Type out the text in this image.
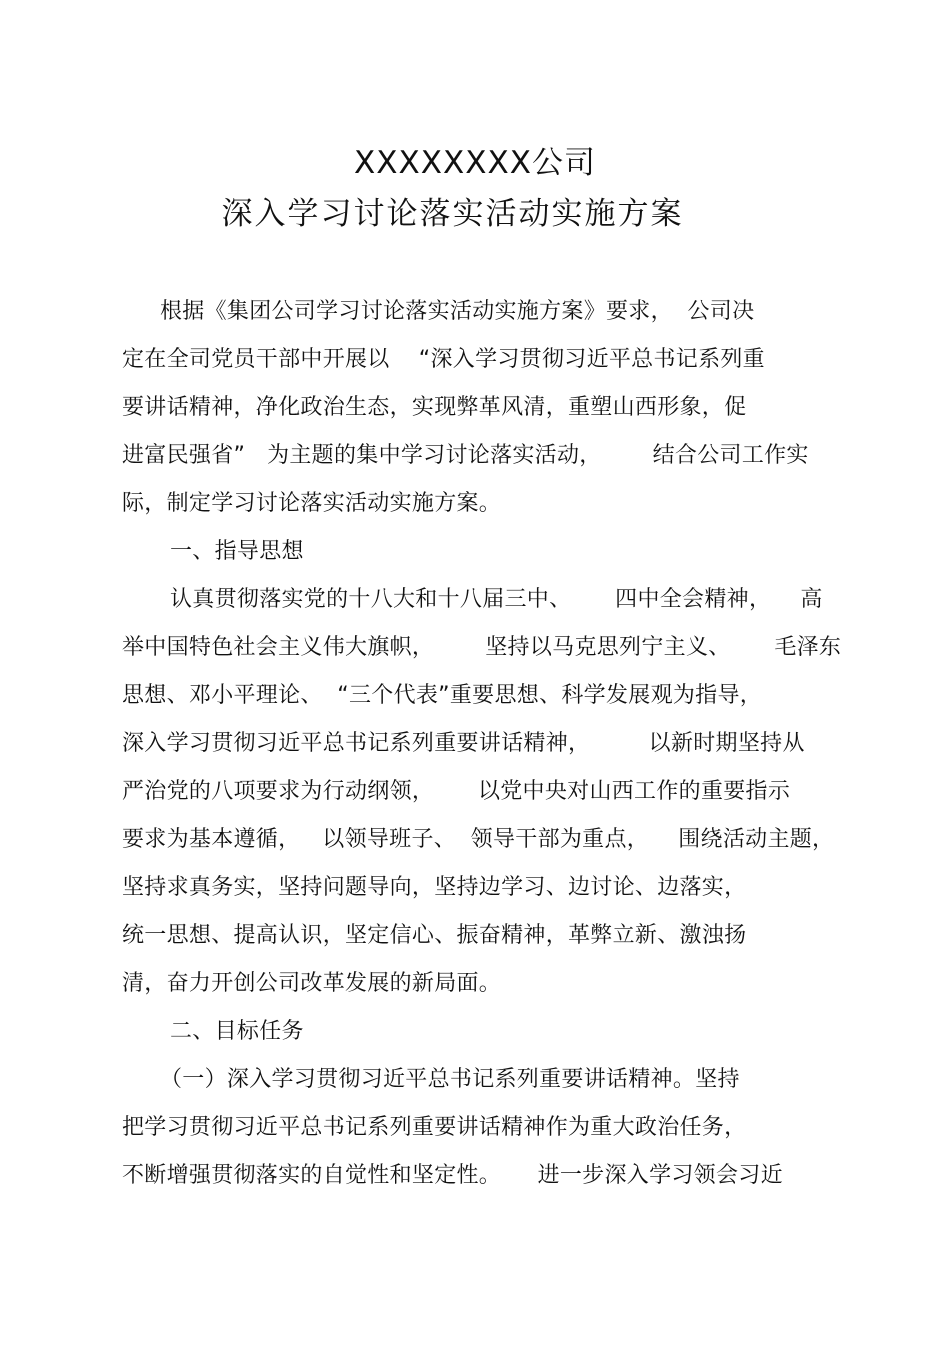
XXXXXXXX公司
深入学习讨论落实活动实施方案
根据《集团公司学习讨论落实活动实施方案》要求，  公司决
定在全司党员干部中开展以    “深入学习贯彻习近平总书记系列重
要讲话精神，净化政治生态，实现弊革风清，重塑山西形象，促
进富民强省”   为主题的集中学习讨论落实活动，       结合公司工作实
际，制定学习讨论落实活动实施方案。
一、指导思想
认真贯彻落实党的十八大和十八届三中、      四中全会精神，    高
举中国特色社会主义伟大旗帜，       坚持以马克思列宁主义、      毛泽东
思想、邓小平理论、  “三个代表”重要思想、科学发展观为指导，
深入学习贯彻习近平总书记系列重要讲话精神，        以新时期坚持从
严治党的八项要求为行动纲领，      以党中央对山西工作的重要指示
要求为基本遵循，   以领导班子、  领导干部为重点，    围绕活动主题，
坚持求真务实，坚持问题导向，坚持边学习、边讨论、边落实，
统一思想、提高认识，坚定信心、振奋精神，革弊立新、激浊扬
清，奋力开创公司改革发展的新局面。
二、目标任务
（一）深入学习贯彻习近平总书记系列重要讲话精神。坚持
把学习贯彻习近平总书记系列重要讲话精神作为重大政治任务，
不断增强贯彻落实的自觉性和坚定性。     进一步深入学习领会习近
